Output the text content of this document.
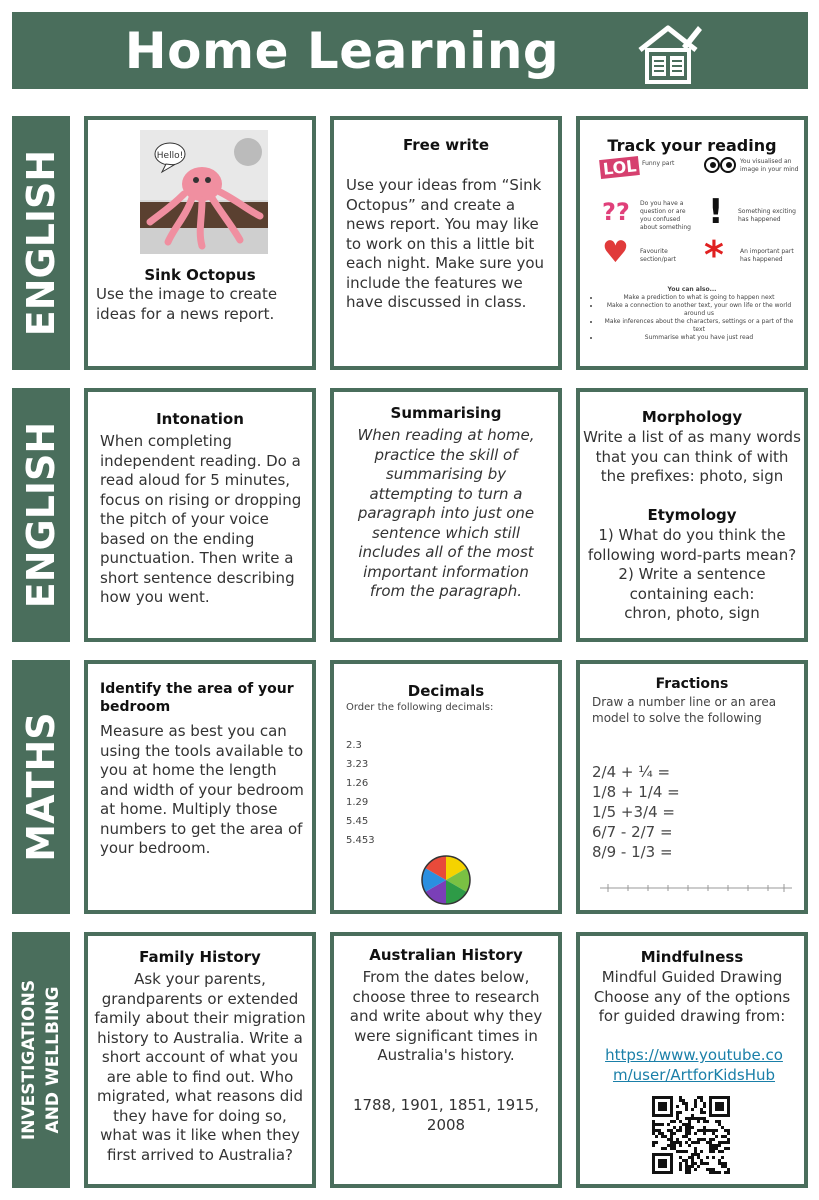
Home Learning
ENGLISH
ENGLISH
MATHS
INVESTIGATIONS AND WELLBING
Hello!
Sink Octopus
Use the image to create ideas for a news report.
Free write
Use your ideas from “Sink Octopus” and create a news report. You may like to work on this a little bit each night. Make sure you include the features we have discussed in class.
Track your reading
LOL Funny part	You visualised an image in your mind
?? Do you have a question or are you confused about something ! Something exciting has happened
♥ Favourite section/part *	An important part has happened
You can also...
• Make a prediction to what is going to happen next
• Make a connection to another text, your own life or the world around us
• Make inferences about the characters, settings or a part of the text
• Summarise what you have just read
Intonation
When completing independent reading. Do a read aloud for 5 minutes, focus on rising or dropping the pitch of your voice based on the ending punctuation. Then write a short sentence describing how you went.
Summarising
When reading at home, practice the skill of summarising by attempting to turn a paragraph into just one sentence which still includes all of the most important information from the paragraph.
Morphology
Write a list of as many words that you can think of with the prefixes: photo, sign
Etymology
1) What do you think the following word-parts mean?
2) Write a sentence containing each:
chron, photo, sign
Identify the area of your bedroom
Measure as best you can using the tools available to you at home the length and width of your bedroom at home. Multiply those numbers to get the area of your bedroom.
Decimals
Order the following decimals:
2.3
3.23
1.26
1.29
5.45
5.453
Fractions
Draw a number line or an area model to solve the following
2/4 + ¼ =
1/8 + 1/4 =
1/5 +3/4 =
6/7 - 2/7 =
8/9 - 1/3 =
Family History
Ask your parents, grandparents or extended family about their migration history to Australia. Write a short account of what you are able to find out. Who migrated, what reasons did they have for doing so, what was it like when they first arrived to Australia?
Australian History
From the dates below, choose three to research and write about why they were significant times in Australia's history.
1788, 1901, 1851, 1915, 2008
Mindfulness
Mindful Guided Drawing Choose any of the options for guided drawing from:
https://www.youtube.co
m/user/ArtforKidsHub
